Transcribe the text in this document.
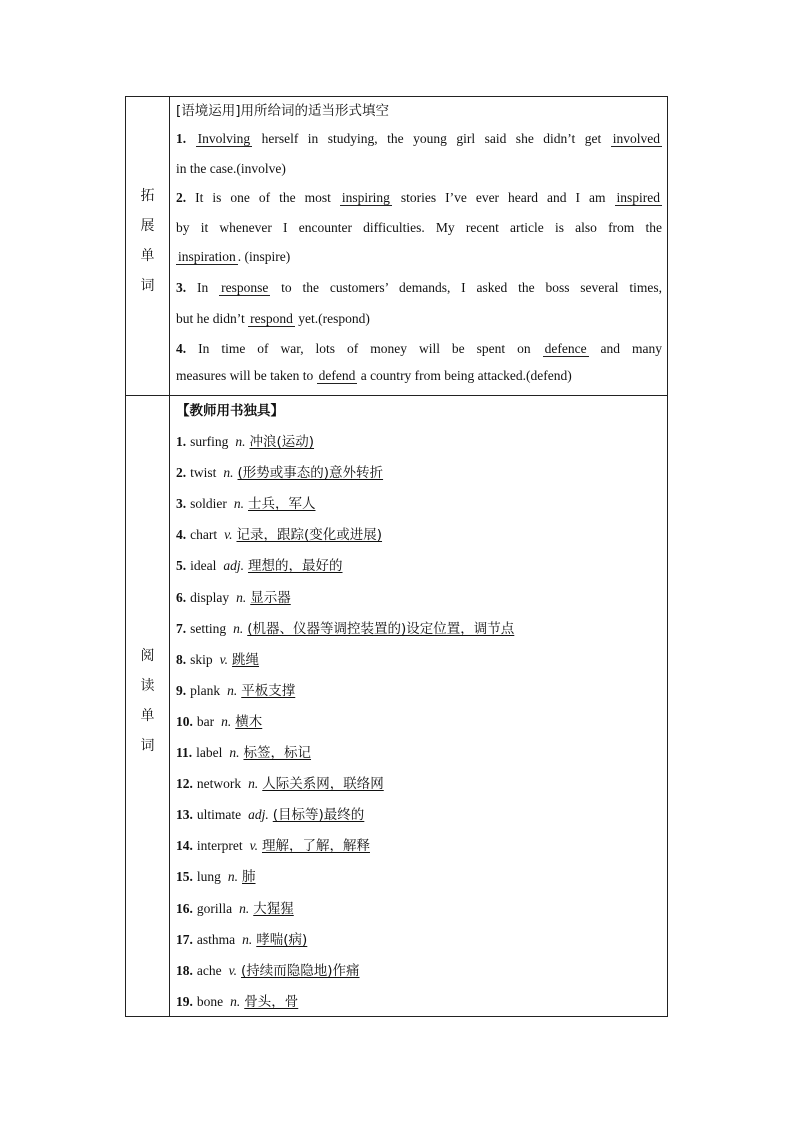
拓
展
单
词
[语境运用]用所给词的适当形式填空
1. Involving herself in studying, the young girl said she didn’t get involved
in the case.(involve)
2. It is one of the most inspiring stories I’ve ever heard and I am inspired
by it whenever I encounter difficulties. My recent article is also from the
inspiration . (inspire)
3. In response to the customers’ demands, I asked the boss several times,
but he didn’t respond yet.(respond)
4. In time of war, lots of money will be spent on defence and many
measures will be taken to defend a country from being attacked.(defend)
阅
读
单
词
【教师用书独具】
1. surfing n. 冲浪(运动)
2. twist n. (形势或事态的)意外转折
3. soldier n. 士兵，军人
4. chart v. 记录，跟踪(变化或进展)
5. ideal adj. 理想的，最好的
6. display n. 显示器
7. setting n. (机器、仪器等调控装置的)设定位置，调节点
8. skip v. 跳绳
9. plank n. 平板支撑
10. bar n. 横木
11. label n. 标签，标记
12. network n. 人际关系网，联络网
13. ultimate adj. (目标等)最终的
14. interpret v. 理解，了解，解释
15. lung n. 肺
16. gorilla n. 大猩猩
17. asthma n. 哮喘(病)
18. ache v. (持续而隐隐地)作痛
19. bone n. 骨头，骨
